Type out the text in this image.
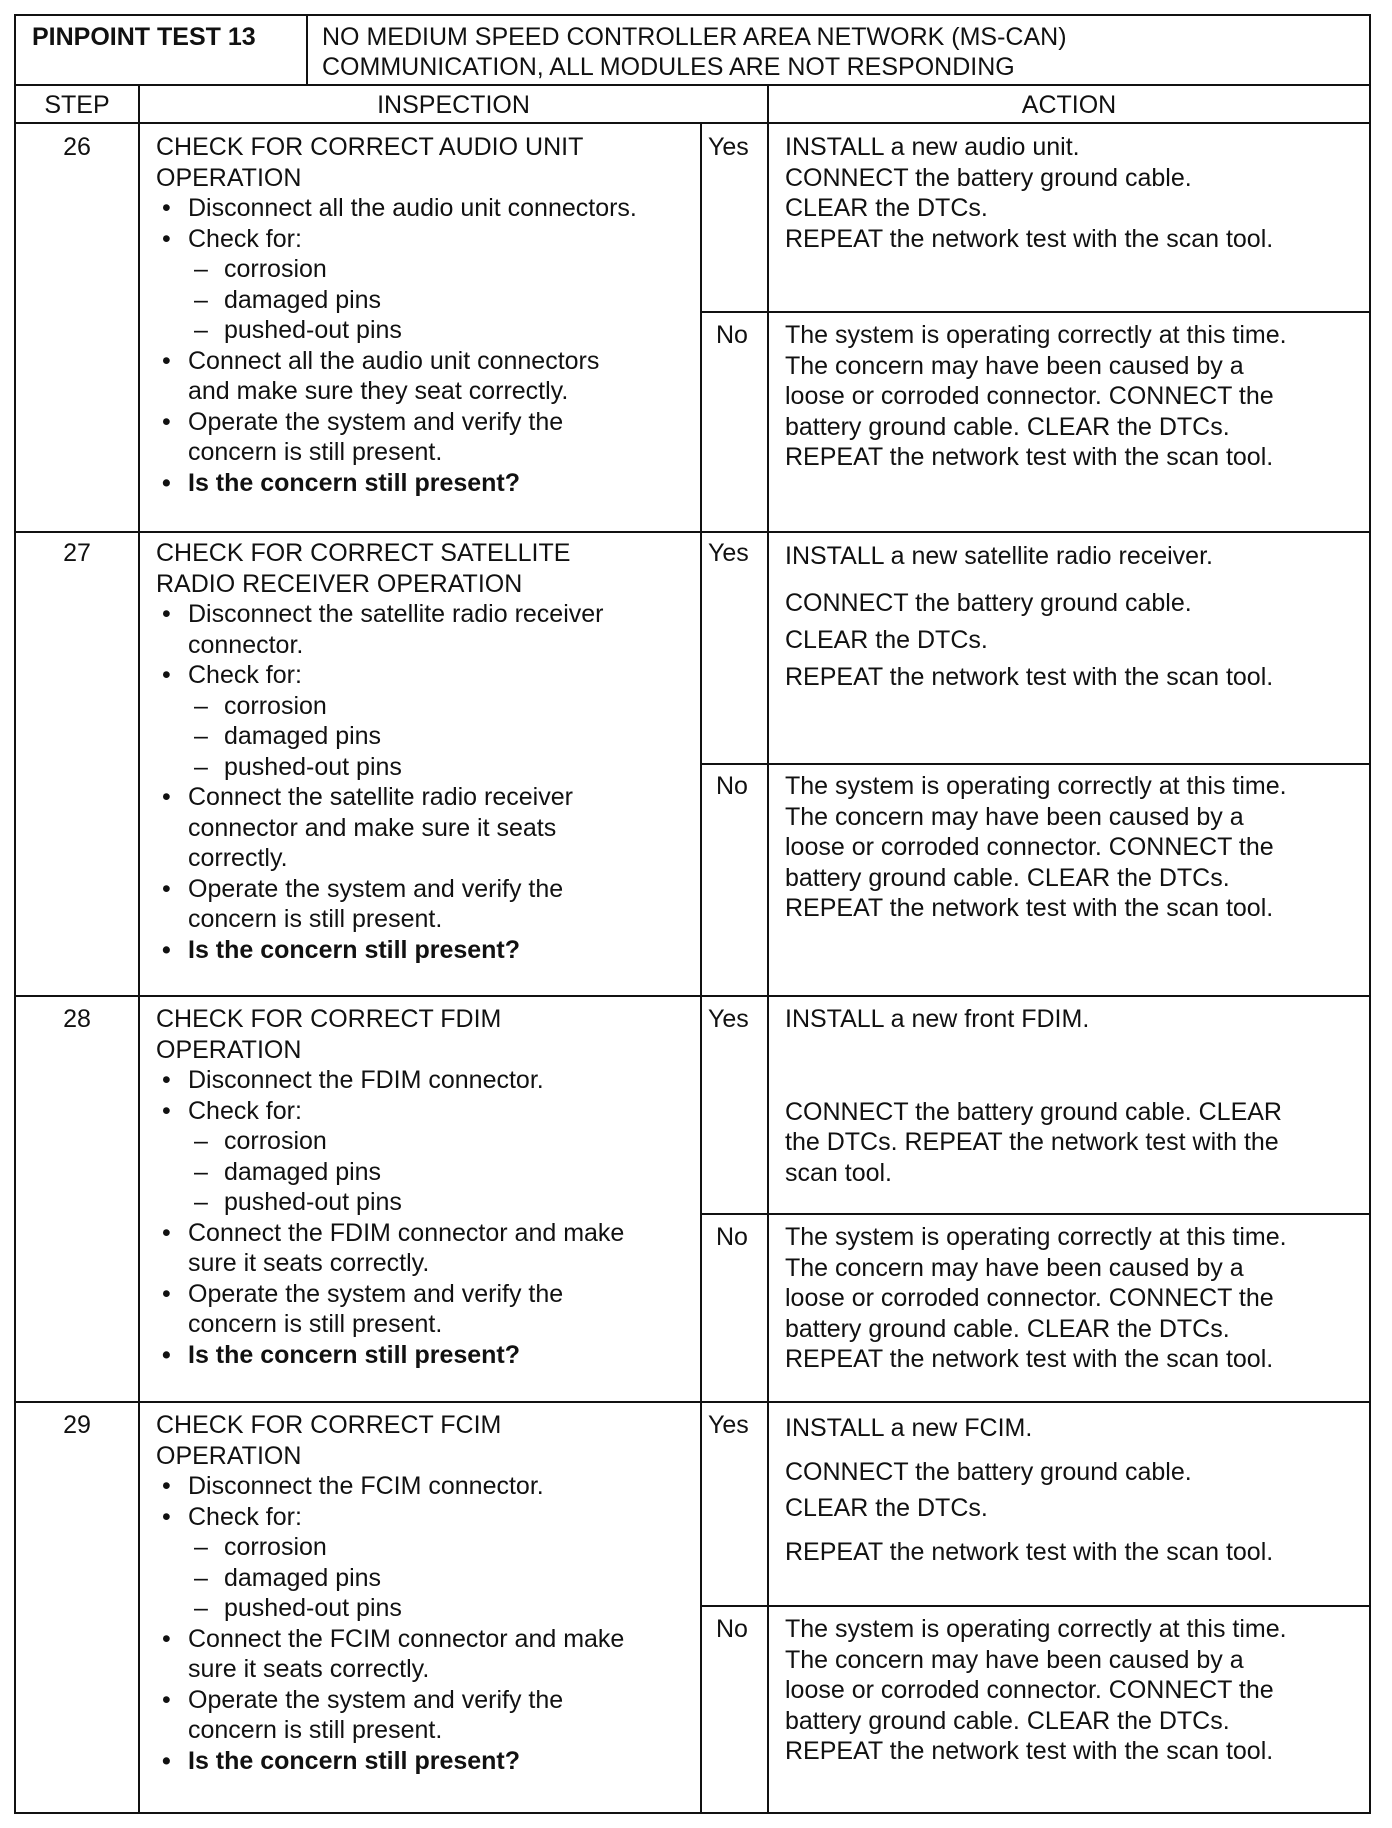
PINPOINT TEST 13	NO MEDIUM SPEED CONTROLLER AREA NETWORK (MS-CAN)
COMMUNICATION, ALL MODULES ARE NOT RESPONDING
STEP	INSPECTION	ACTION
26	CHECK FOR CORRECT AUDIO UNIT
OPERATION
• Disconnect all the audio unit connectors.
• Check for:
– corrosion
– damaged pins
– pushed-out pins
• Connect all the audio unit connectors
and make sure they seat correctly.
• Operate the system and verify the
concern is still present.
• Is the concern still present?
Yes INSTALL a new audio unit.
CONNECT the battery ground cable.
CLEAR the DTCs.
REPEAT the network test with the scan tool.
No The system is operating correctly at this time.
The concern may have been caused by a
loose or corroded connector. CONNECT the
battery ground cable. CLEAR the DTCs.
REPEAT the network test with the scan tool.
27	CHECK FOR CORRECT SATELLITE
RADIO RECEIVER OPERATION
• Disconnect the satellite radio receiver
connector.
• Check for:
– corrosion
– damaged pins
– pushed-out pins
• Connect the satellite radio receiver
connector and make sure it seats
correctly.
• Operate the system and verify the
concern is still present.
• Is the concern still present?
Yes INSTALL a new satellite radio receiver.
CONNECT the battery ground cable.
CLEAR the DTCs.
REPEAT the network test with the scan tool.
No The system is operating correctly at this time.
The concern may have been caused by a
loose or corroded connector. CONNECT the
battery ground cable. CLEAR the DTCs.
REPEAT the network test with the scan tool.
28	CHECK FOR CORRECT FDIM
OPERATION
• Disconnect the FDIM connector.
• Check for:
– corrosion
– damaged pins
– pushed-out pins
• Connect the FDIM connector and make
sure it seats correctly.
• Operate the system and verify the
concern is still present.
• Is the concern still present?
Yes INSTALL a new front FDIM.
CONNECT the battery ground cable. CLEAR
the DTCs. REPEAT the network test with the
scan tool.
No The system is operating correctly at this time.
The concern may have been caused by a
loose or corroded connector. CONNECT the
battery ground cable. CLEAR the DTCs.
REPEAT the network test with the scan tool.
29	CHECK FOR CORRECT FCIM
OPERATION
• Disconnect the FCIM connector.
• Check for:
– corrosion
– damaged pins
– pushed-out pins
• Connect the FCIM connector and make
sure it seats correctly.
• Operate the system and verify the
concern is still present.
• Is the concern still present?
Yes INSTALL a new FCIM.
CONNECT the battery ground cable.
CLEAR the DTCs.
REPEAT the network test with the scan tool.
No The system is operating correctly at this time.
The concern may have been caused by a
loose or corroded connector. CONNECT the
battery ground cable. CLEAR the DTCs.
REPEAT the network test with the scan tool.
